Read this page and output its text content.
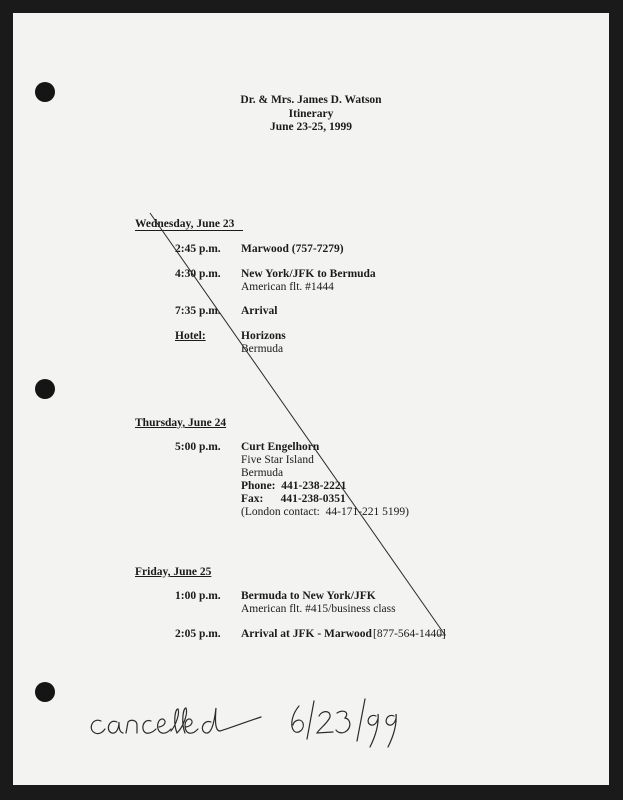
Dr. & Mrs. James D. Watson
Itinerary
June 23-25, 1999
Wednesday, June 23
2:45 p.m. Marwood (757-7279)
4:30 p.m. New York/JFK to Bermuda
American flt. #1444
7:35 p.m. Arrival
Hotel:	Horizons
Bermuda
Thursday, June 24
5:00 p.m. Curt Engelhorn
Five Star Island
Bermuda
Phone:  441-238-2221
Fax:      441-238-0351
(London contact:  44-171-221 5199)
Friday, June 25
1:00 p.m. Bermuda to New York/JFK
American flt. #415/business class
2:05 p.m. Arrival at JFK - Marwood [877-564-1440]
